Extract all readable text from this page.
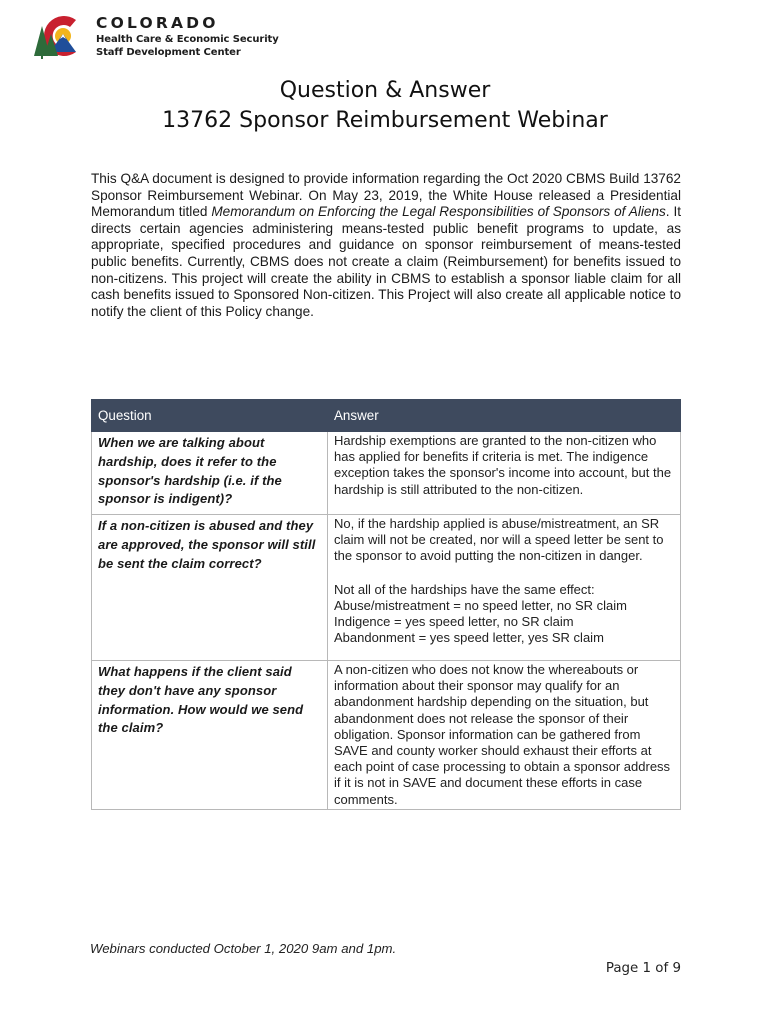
COLORADO
Health Care & Economic Security
Staff Development Center
Question & Answer
13762 Sponsor Reimbursement Webinar

This Q&A document is designed to provide information regarding the Oct 2020 CBMS Build 13762 Sponsor Reimbursement Webinar. On May 23, 2019, the White House released a Presidential Memorandum titled Memorandum on Enforcing the Legal Responsibilities of Sponsors of Aliens. It directs certain agencies administering means-tested public benefit programs to update, as appropriate, specified procedures and guidance on sponsor reimbursement of means-tested public benefits. Currently, CBMS does not create a claim (Reimbursement) for benefits issued to non-citizens. This project will create the ability in CBMS to establish a sponsor liable claim for all cash benefits issued to Sponsored Non-citizen. This Project will also create all applicable notice to notify the client of this Policy change.

Question	Answer
When we are talking about hardship, does it refer to the sponsor's hardship (i.e. if the sponsor is indigent)?	Hardship exemptions are granted to the non-citizen who has applied for benefits if criteria is met. The indigence exception takes the sponsor's income into account, but the hardship is still attributed to the non-citizen.

If a non-citizen is abused and they are approved, the sponsor will still be sent the claim correct?	No, if the hardship applied is abuse/mistreatment, an SR claim will not be created, nor will a speed letter be sent to the sponsor to avoid putting the non-citizen in danger.

Not all of the hardships have the same effect:
Abuse/mistreatment = no speed letter, no SR claim
Indigence = yes speed letter, no SR claim
Abandonment = yes speed letter, yes SR claim

What happens if the client said they don't have any sponsor information. How would we send the claim?	A non-citizen who does not know the whereabouts or information about their sponsor may qualify for an abandonment hardship depending on the situation, but abandonment does not release the sponsor of their obligation. Sponsor information can be gathered from SAVE and county worker should exhaust their efforts at each point of case processing to obtain a sponsor address if it is not in SAVE and document these efforts in case comments.

Webinars conducted October 1, 2020 9am and 1pm.
Page 1 of 9
